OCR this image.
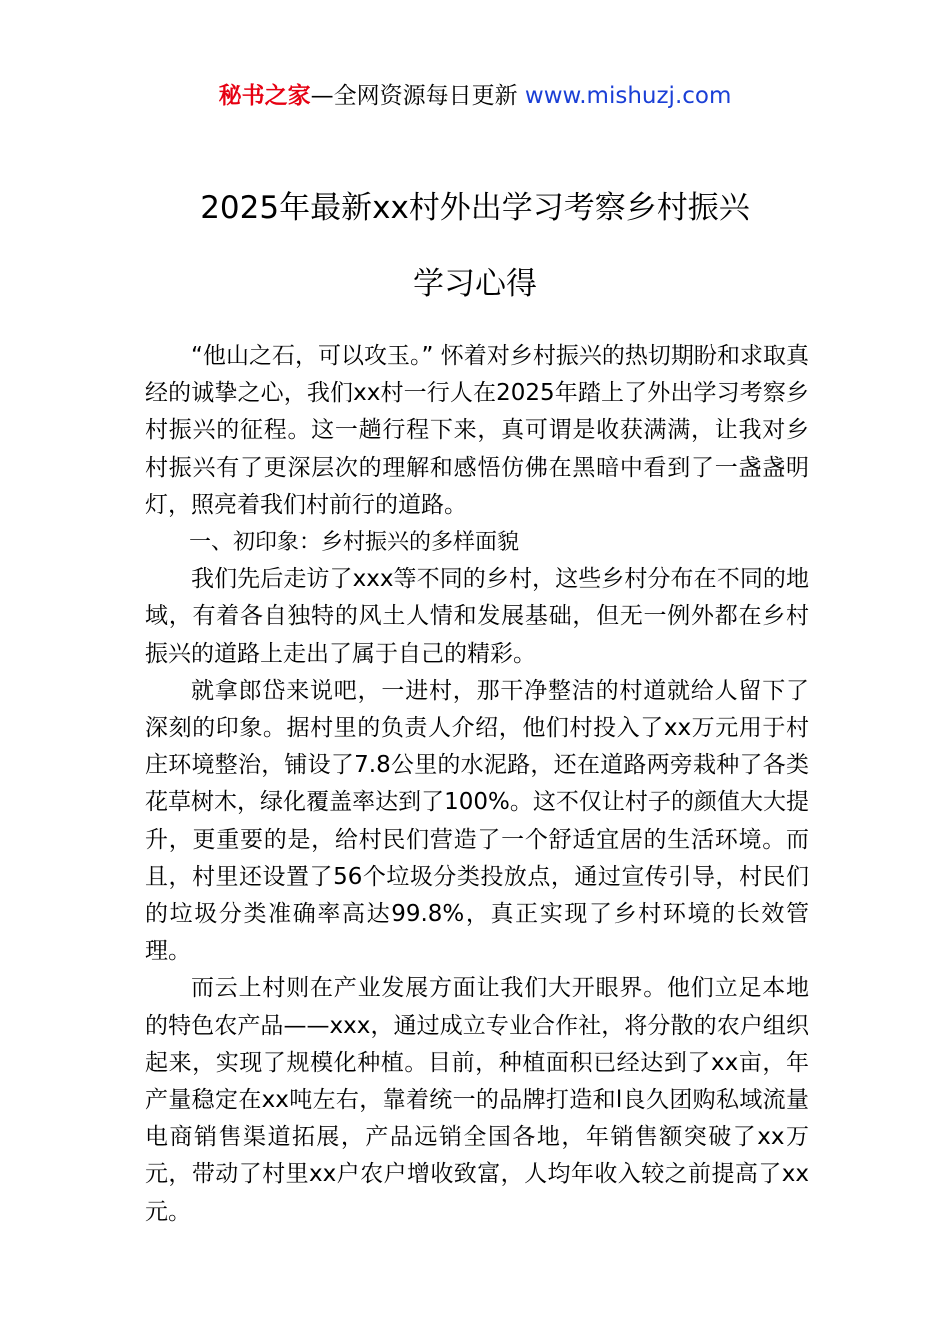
秘书之家—全网资源每日更新 www.mishuzj.com
2025年最新xx村外出学习考察乡村振兴
学习心得

“他山之石，可以攻玉。” 怀着对乡村振兴的热切期盼和求取真经的诚挚之心，我们xx村一行人在2025年踏上了外出学习考察乡村振兴的征程。这一趟行程下来，真可谓是收获满满，让我对乡村振兴有了更深层次的理解和感悟仿佛在黑暗中看到了一盏盏明灯，照亮着我们村前行的道路。

一、初印象：乡村振兴的多样面貌

我们先后走访了xxx等不同的乡村，这些乡村分布在不同的地域，有着各自独特的风土人情和发展基础，但无一例外都在乡村振兴的道路上走出了属于自己的精彩。

就拿郎岱来说吧，一进村，那干净整洁的村道就给人留下了深刻的印象。据村里的负责人介绍，他们村投入了xx万元用于村庄环境整治，铺设了7.8公里的水泥路，还在道路两旁栽种了各类花草树木，绿化覆盖率达到了100%。这不仅让村子的颜值大大提升，更重要的是，给村民们营造了一个舒适宜居的生活环境。而且，村里还设置了56个垃圾分类投放点，通过宣传引导，村民们的垃圾分类准确率高达99.8%，真正实现了乡村环境的长效管理。

而云上村则在产业发展方面让我们大开眼界。他们立足本地的特色农产品——xxx，通过成立专业合作社，将分散的农户组织起来，实现了规模化种植。目前，种植面积已经达到了xx亩，年产量稳定在xx吨左右，靠着统一的品牌打造和l良久团购私域流量电商销售渠道拓展，产品远销全国各地，年销售额突破了xx万元，带动了村里xx户农户增收致富，人均年收入较之前提高了xx元。
